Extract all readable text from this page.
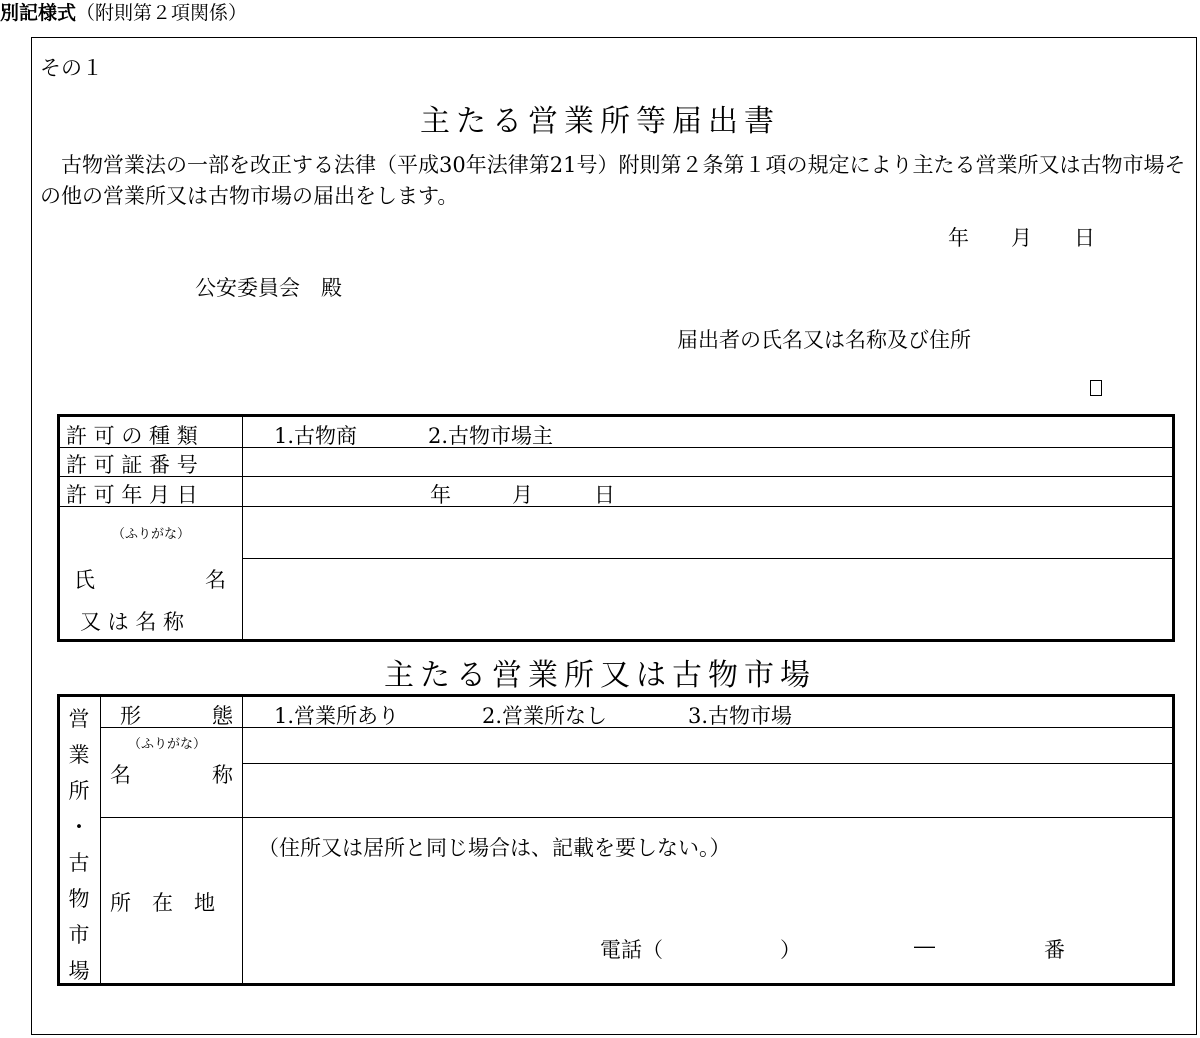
別記様式（附則第２項関係）
その１
主たる営業所等届出書
古物営業法の一部を改正する法律（平成30年法律第21号）附則第２条第１項の規定により主たる営業所又は古物市場その他の営業所又は古物市場の届出をします。
年 月 日
公安委員会　殿
届出者の氏名又は名称及び住所
許 可 の 種 類	1.古物商	2.古物市場主
許 可 証 番 号
許 可 年 月 日	年	月	日
（ふりがな）
氏	名
又 は 名 称
主たる営業所又は古物市場
営
業
所
・
古
物
市
場
形	態 1.営業所あり	2.営業所なし	3.古物市場
（ふりがな）
名	称
所　在　地
（住所又は居所と同じ場合は、記載を要しない。）
電話（	）	―	番
